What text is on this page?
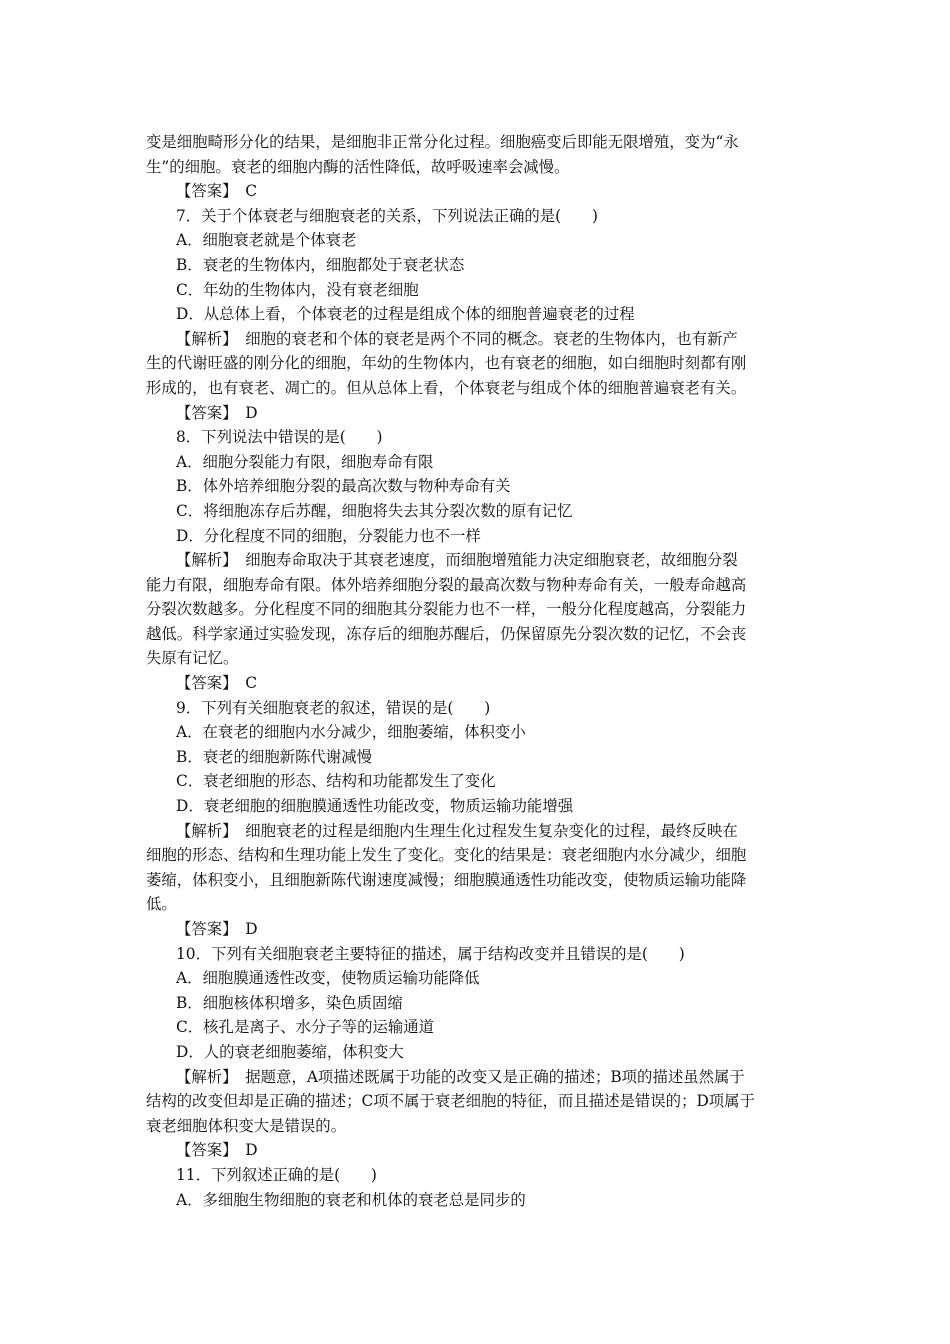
变是细胞畸形分化的结果，是细胞非正常分化过程。细胞癌变后即能无限增殖，变为“永
生”的细胞。衰老的细胞内酶的活性降低，故呼吸速率会减慢。
【答案】　C
7．关于个体衰老与细胞衰老的关系，下列说法正确的是(　　)
A．细胞衰老就是个体衰老
B．衰老的生物体内，细胞都处于衰老状态
C．年幼的生物体内，没有衰老细胞
D．从总体上看，个体衰老的过程是组成个体的细胞普遍衰老的过程
【解析】　细胞的衰老和个体的衰老是两个不同的概念。衰老的生物体内，也有新产
生的代谢旺盛的刚分化的细胞，年幼的生物体内，也有衰老的细胞，如白细胞时刻都有刚
形成的，也有衰老、凋亡的。但从总体上看，个体衰老与组成个体的细胞普遍衰老有关。
【答案】　D
8．下列说法中错误的是(　　)
A．细胞分裂能力有限，细胞寿命有限
B．体外培养细胞分裂的最高次数与物种寿命有关
C．将细胞冻存后苏醒，细胞将失去其分裂次数的原有记忆
D．分化程度不同的细胞，分裂能力也不一样
【解析】　细胞寿命取决于其衰老速度，而细胞增殖能力决定细胞衰老，故细胞分裂
能力有限，细胞寿命有限。体外培养细胞分裂的最高次数与物种寿命有关，一般寿命越高
分裂次数越多。分化程度不同的细胞其分裂能力也不一样，一般分化程度越高，分裂能力
越低。科学家通过实验发现，冻存后的细胞苏醒后，仍保留原先分裂次数的记忆，不会丧
失原有记忆。
【答案】　C
9．下列有关细胞衰老的叙述，错误的是(　　)
A．在衰老的细胞内水分减少，细胞萎缩，体积变小
B．衰老的细胞新陈代谢减慢
C．衰老细胞的形态、结构和功能都发生了变化
D．衰老细胞的细胞膜通透性功能改变，物质运输功能增强
【解析】　细胞衰老的过程是细胞内生理生化过程发生复杂变化的过程，最终反映在
细胞的形态、结构和生理功能上发生了变化。变化的结果是：衰老细胞内水分减少，细胞
萎缩，体积变小，且细胞新陈代谢速度减慢；细胞膜通透性功能改变，使物质运输功能降
低。
【答案】　D
10．下列有关细胞衰老主要特征的描述，属于结构改变并且错误的是(　　)
A．细胞膜通透性改变，使物质运输功能降低
B．细胞核体积增多，染色质固缩
C．核孔是离子、水分子等的运输通道
D．人的衰老细胞萎缩，体积变大
【解析】　据题意，A项描述既属于功能的改变又是正确的描述；B项的描述虽然属于
结构的改变但却是正确的描述；C项不属于衰老细胞的特征，而且描述是错误的；D项属于
衰老细胞体积变大是错误的。
【答案】　D
11．下列叙述正确的是(　　)
A．多细胞生物细胞的衰老和机体的衰老总是同步的
